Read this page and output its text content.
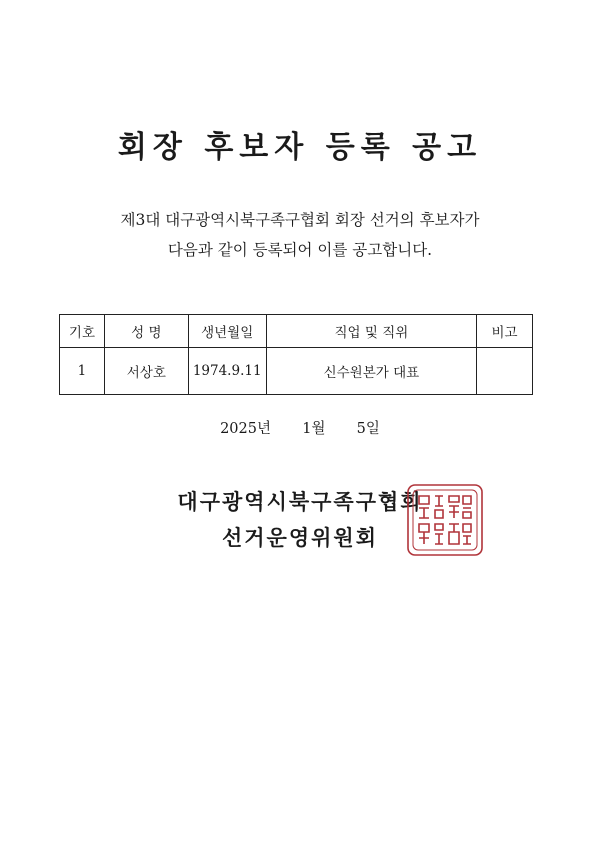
회장 후보자 등록 공고
제3대 대구광역시북구족구협회 회장 선거의 후보자가
다음과 같이 등록되어 이를 공고합니다.
기호	성 명	생년월일	직업 및 직위	비고
1	서상호	1974.9.11	신수원본가 대표	
2025년 1월 5일
대구광역시북구족구협회
선거운영위원회
